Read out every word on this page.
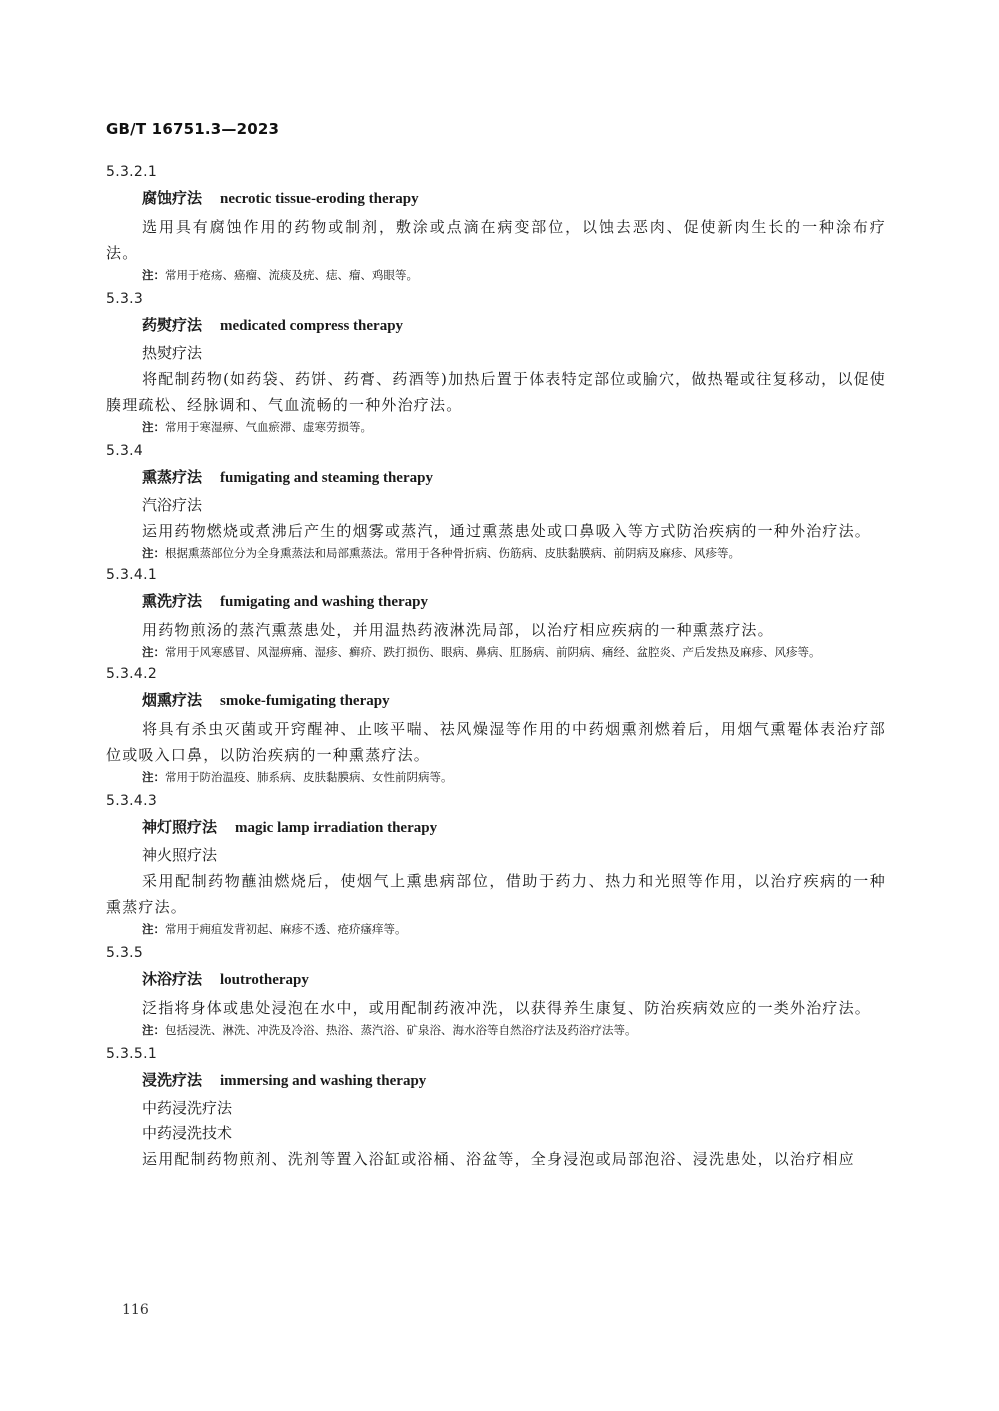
GB/T 16751.3—2023
5.3.2.1
腐蚀疗法 necrotic tissue-eroding therapy
选用具有腐蚀作用的药物或制剂，敷涂或点滴在病变部位，以蚀去恶肉、促使新肉生长的一种涂布疗法。
注：常用于疮疡、癌瘤、流痰及疣、痣、瘤、鸡眼等。
5.3.3
药熨疗法 medicated compress therapy
热熨疗法
将配制药物(如药袋、药饼、药膏、药酒等)加热后置于体表特定部位或腧穴，做热罨或往复移动，以促使腠理疏松、经脉调和、气血流畅的一种外治疗法。
注：常用于寒湿痹、气血瘀滞、虚寒劳损等。
5.3.4
熏蒸疗法 fumigating and steaming therapy
汽浴疗法
运用药物燃烧或煮沸后产生的烟雾或蒸汽，通过熏蒸患处或口鼻吸入等方式防治疾病的一种外治疗法。
注：根据熏蒸部位分为全身熏蒸法和局部熏蒸法。常用于各种骨折病、伤筋病、皮肤黏膜病、前阴病及麻疹、风疹等。
5.3.4.1
熏洗疗法 fumigating and washing therapy
用药物煎汤的蒸汽熏蒸患处，并用温热药液淋洗局部，以治疗相应疾病的一种熏蒸疗法。
注：常用于风寒感冒、风湿痹痛、湿疹、癣疥、跌打损伤、眼病、鼻病、肛肠病、前阴病、痛经、盆腔炎、产后发热及麻疹、风疹等。
5.3.4.2
烟熏疗法 smoke-fumigating therapy
将具有杀虫灭菌或开窍醒神、止咳平喘、祛风燥湿等作用的中药烟熏剂燃着后，用烟气熏罨体表治疗部位或吸入口鼻，以防治疾病的一种熏蒸疗法。
注：常用于防治温疫、肺系病、皮肤黏膜病、女性前阴病等。
5.3.4.3
神灯照疗法 magic lamp irradiation therapy
神火照疗法
采用配制药物蘸油燃烧后，使烟气上熏患病部位，借助于药力、热力和光照等作用，以治疗疾病的一种熏蒸疗法。
注：常用于痈疽发背初起、麻疹不透、疮疥瘙痒等。
5.3.5
沐浴疗法 loutrotherapy
泛指将身体或患处浸泡在水中，或用配制药液冲洗，以获得养生康复、防治疾病效应的一类外治疗法。
注：包括浸洗、淋洗、冲洗及冷浴、热浴、蒸汽浴、矿泉浴、海水浴等自然浴疗法及药浴疗法等。
5.3.5.1
浸洗疗法 immersing and washing therapy
中药浸洗疗法
中药浸洗技术
运用配制药物煎剂、洗剂等置入浴缸或浴桶、浴盆等，全身浸泡或局部泡浴、浸洗患处，以治疗相应
116
